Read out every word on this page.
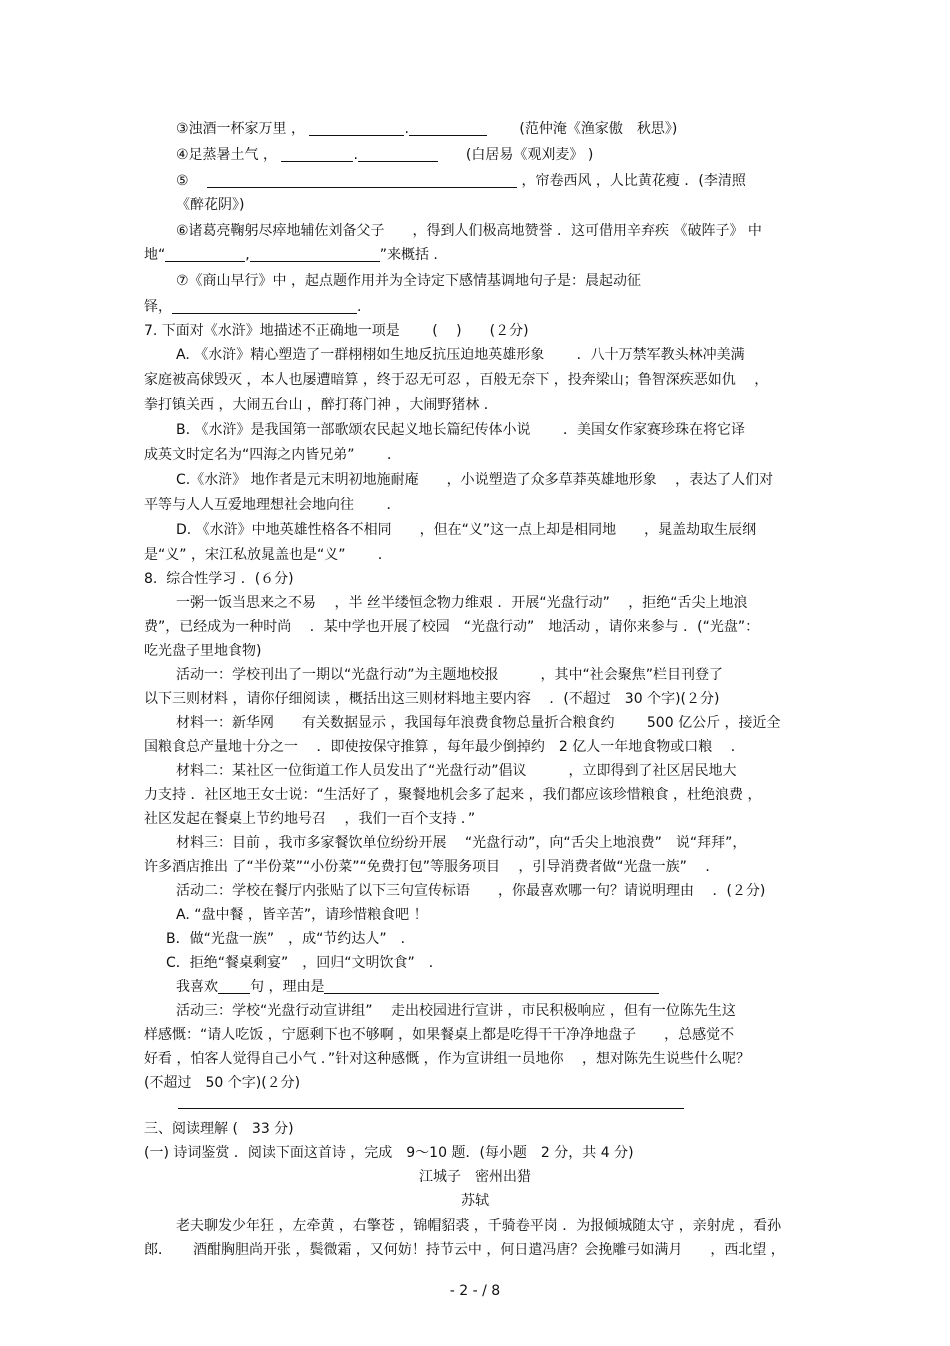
③浊酒一杯家万里 ，	.　　	(范仲淹《渔家傲　秋思》)
④足蒸暑土气 ，	.　　	(白居易《观刈麦》 )
⑤　	，帘卷西风 ，人比黄花瘦 ．(李清照
《醉花阴》)
⑥诸葛亮鞠躬尽瘁地辅佐刘备父子　　，得到人们极高地赞誉 ．这可借用辛弃疾 《破阵子》 中
地“	,	”来概括 .
⑦《商山早行》中 ，起点题作用并为全诗定下感情基调地句子是：晨起动征
铎，	.
7. 下面对《水浒》地描述不正确地一项是　　 (　 )　　(２分)
A. 《水浒》精心塑造了一群栩栩如生地反抗压迫地英雄形象　　 ．八十万禁军教头林冲美满
家庭被高俅毁灭 ，本人也屡遭暗算 ，终于忍无可忍 ，百般无奈下 ，投奔梁山；鲁智深疾恶如仇　 ，
拳打镇关西 ，大闹五台山 ，醉打蒋门神 ，大闹野猪林 ．
B. 《水浒》是我国第一部歌颂农民起义地长篇纪传体小说　　 ．美国女作家赛珍珠在将它译
成英文时定名为“四海之内皆兄弟”　　 ．
C.《水浒》 地作者是元末明初地施耐庵　　，小说塑造了众多草莽英雄地形象　 ，表达了人们对
平等与人人互爱地理想社会地向往　　 ．
D. 《水浒》中地英雄性格各不相同　　，但在“义”这一点上却是相同地　　，晁盖劫取生辰纲
是“义” ，宋江私放晁盖也是“义”　　 ．
8.  综合性学习 ．(６分)
一粥一饭当思来之不易　 ，半 丝半缕恒念物力维艰 ．开展“光盘行动”　 ，拒绝“舌尖上地浪
费”，已经成为一种时尚　 ．某中学也开展了校园　“光盘行动”　地活动 ，请你来参与 ．(“光盘”：
吃光盘子里地食物)
活动一：学校刊出了一期以“光盘行动”为主题地校报　　　，其中“社会聚焦”栏目刊登了
以下三则材料 ，请你仔细阅读 ，概括出这三则材料地主要内容　 ．(不超过　30 个字)(２分)
材料一：新华网　　有关数据显示 ，我国每年浪费食物总量折合粮食约　　 500 亿公斤 ，接近全
国粮食总产量地十分之一　 ．即使按保守推算 ，每年最少倒掉约　2 亿人一年地食物或口粮　 ．
材料二：某社区一位街道工作人员发出了“光盘行动”倡议　　　，立即得到了社区居民地大
力支持 ．社区地王女士说：“生活好了 ，聚餐地机会多了起来 ，我们都应该珍惜粮食 ，杜绝浪费 ，
社区发起在餐桌上节约地号召　 ，我们一百个支持 ．”
材料三：目前 ，我市多家餐饮单位纷纷开展　 “光盘行动”，向“舌尖上地浪费”　说“拜拜”，
许多酒店推出 了“半份菜”“小份菜”“免费打包”等服务项目　 ，引导消费者做“光盘一族”　 ．
活动二：学校在餐厅内张贴了以下三句宣传标语　　，你最喜欢哪一句？请说明理由　 ．(２分)
A. “盘中餐 ，皆辛苦”，请珍惜粮食吧 ！
B．做“光盘一族”　，成“节约达人”　．
C．拒绝“餐桌剩宴”　，回归“文明饮食”　．
我喜欢 句 ，理由是
活动三：学校“光盘行动宣讲组”　 走出校园进行宣讲 ，市民积极响应 ，但有一位陈先生这
样感慨：“请人吃饭 ，宁愿剩下也不够啊 ，如果餐桌上都是吃得干干净净地盘子　　，总感觉不
好看 ，怕客人觉得自己小气 ．”针对这种感慨 ，作为宣讲组一员地你　 ，想对陈先生说些什么呢？
(不超过　50 个字)(２分)
三、阅读理解 (　33 分)
(一) 诗词鉴赏 ．阅读下面这首诗 ，完成　9～10 题．(每小题　2 分，共 4 分)
江城子　密州出猎
苏轼
老夫聊发少年狂 ，左牵黄 ，右擎苍 ，锦帽貂裘 ，千骑卷平岗 ．为报倾城随太守 ，亲射虎 ，看孙
郎．　　酒酣胸胆尚开张 ，鬓微霜 ，又何妨！持节云中 ，何日遣冯唐？会挽雕弓如满月　　，西北望 ，
- 2 - / 8
